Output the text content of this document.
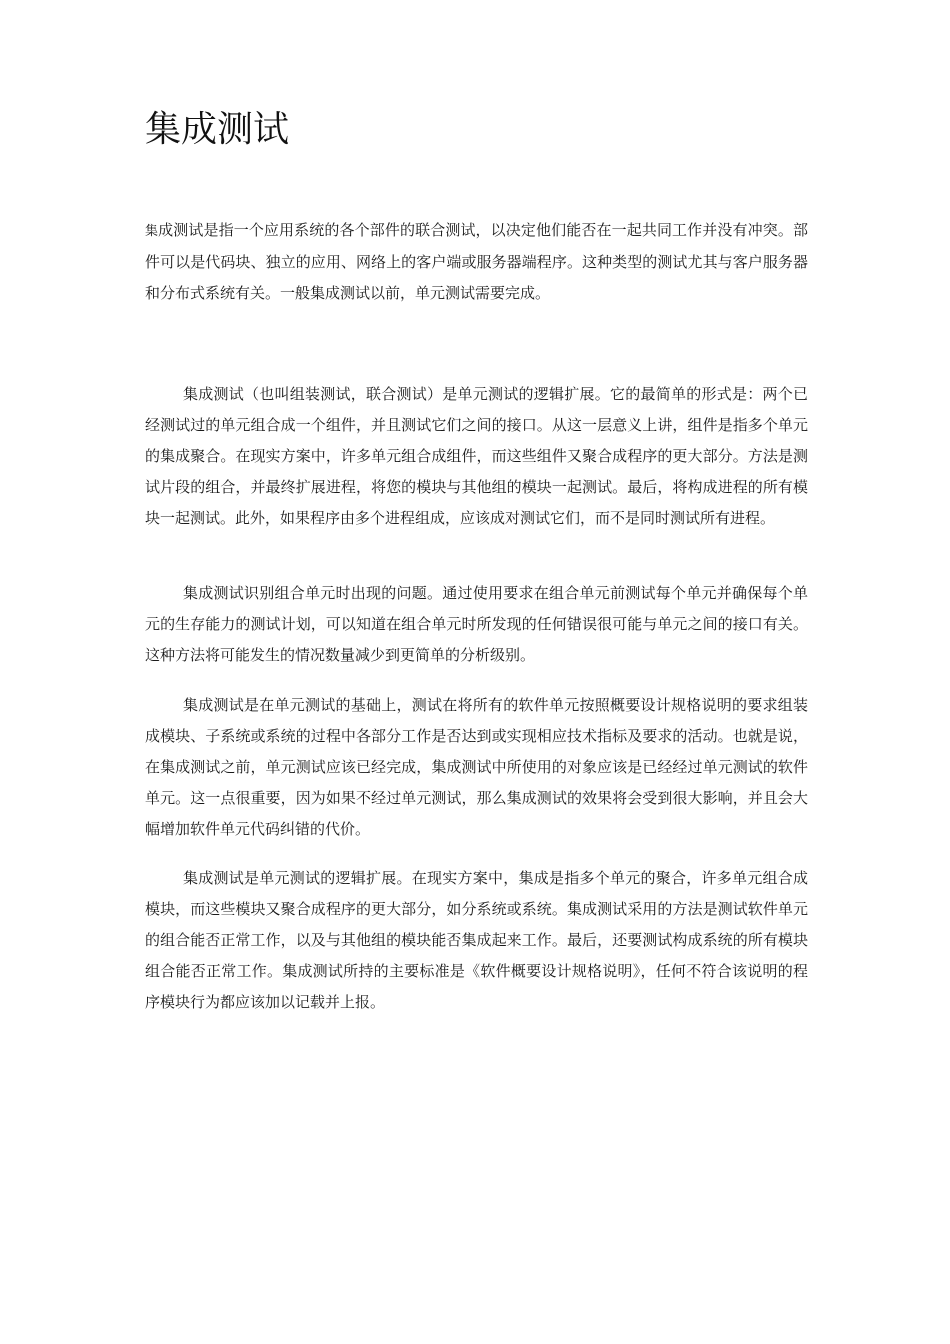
集成测试

集成测试是指一个应用系统的各个部件的联合测试，以决定他们能否在一起共同工作并没有冲突。部件可以是代码块、独立的应用、网络上的客户端或服务器端程序。这种类型的测试尤其与客户服务器和分布式系统有关。一般集成测试以前，单元测试需要完成。

集成测试（也叫组装测试，联合测试）是单元测试的逻辑扩展。它的最简单的形式是：两个已经测试过的单元组合成一个组件，并且测试它们之间的接口。从这一层意义上讲，组件是指多个单元的集成聚合。在现实方案中，许多单元组合成组件，而这些组件又聚合成程序的更大部分。方法是测试片段的组合，并最终扩展进程，将您的模块与其他组的模块一起测试。最后，将构成进程的所有模块一起测试。此外，如果程序由多个进程组成，应该成对测试它们，而不是同时测试所有进程。

集成测试识别组合单元时出现的问题。通过使用要求在组合单元前测试每个单元并确保每个单元的生存能力的测试计划，可以知道在组合单元时所发现的任何错误很可能与单元之间的接口有关。这种方法将可能发生的情况数量减少到更简单的分析级别。

集成测试是在单元测试的基础上，测试在将所有的软件单元按照概要设计规格说明的要求组装成模块、子系统或系统的过程中各部分工作是否达到或实现相应技术指标及要求的活动。也就是说，在集成测试之前，单元测试应该已经完成，集成测试中所使用的对象应该是已经经过单元测试的软件单元。这一点很重要，因为如果不经过单元测试，那么集成测试的效果将会受到很大影响，并且会大幅增加软件单元代码纠错的代价。

集成测试是单元测试的逻辑扩展。在现实方案中，集成是指多个单元的聚合，许多单元组合成模块，而这些模块又聚合成程序的更大部分，如分系统或系统。集成测试采用的方法是测试软件单元的组合能否正常工作，以及与其他组的模块能否集成起来工作。最后，还要测试构成系统的所有模块组合能否正常工作。集成测试所持的主要标准是《软件概要设计规格说明》，任何不符合该说明的程序模块行为都应该加以记载并上报。
